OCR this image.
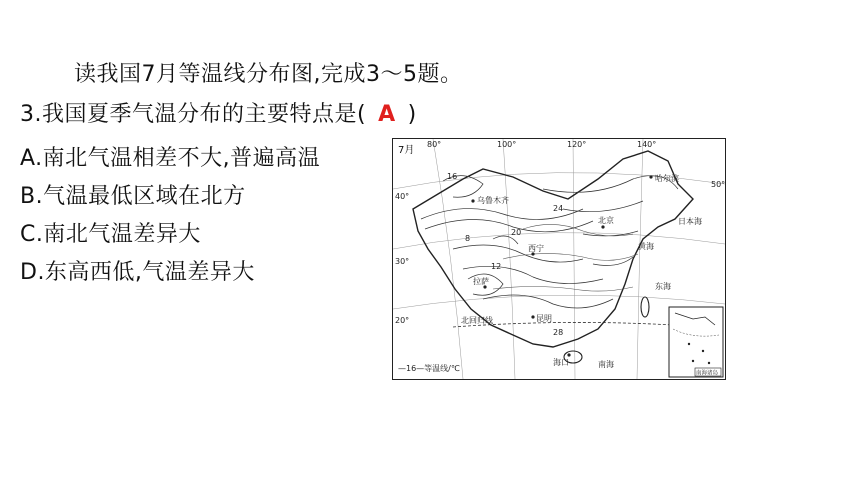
读我国7月等温线分布图,完成3～5题。
3.我国夏季气温分布的主要特点是( A )
A.南北气温相差不大,普遍高温
B.气温最低区域在北方
C.南北气温差异大
D.东高西低,气温差异大
7月
80°	100°	120°	140°
50°
40°
30°
20°
哈尔滨
乌鲁木齐
北京
拉萨
西宁
昆明
海口
日本海
黄海
东海
南海
北回归线
16
20
24
28
12
8
—16—等温线/℃
南海诸岛
